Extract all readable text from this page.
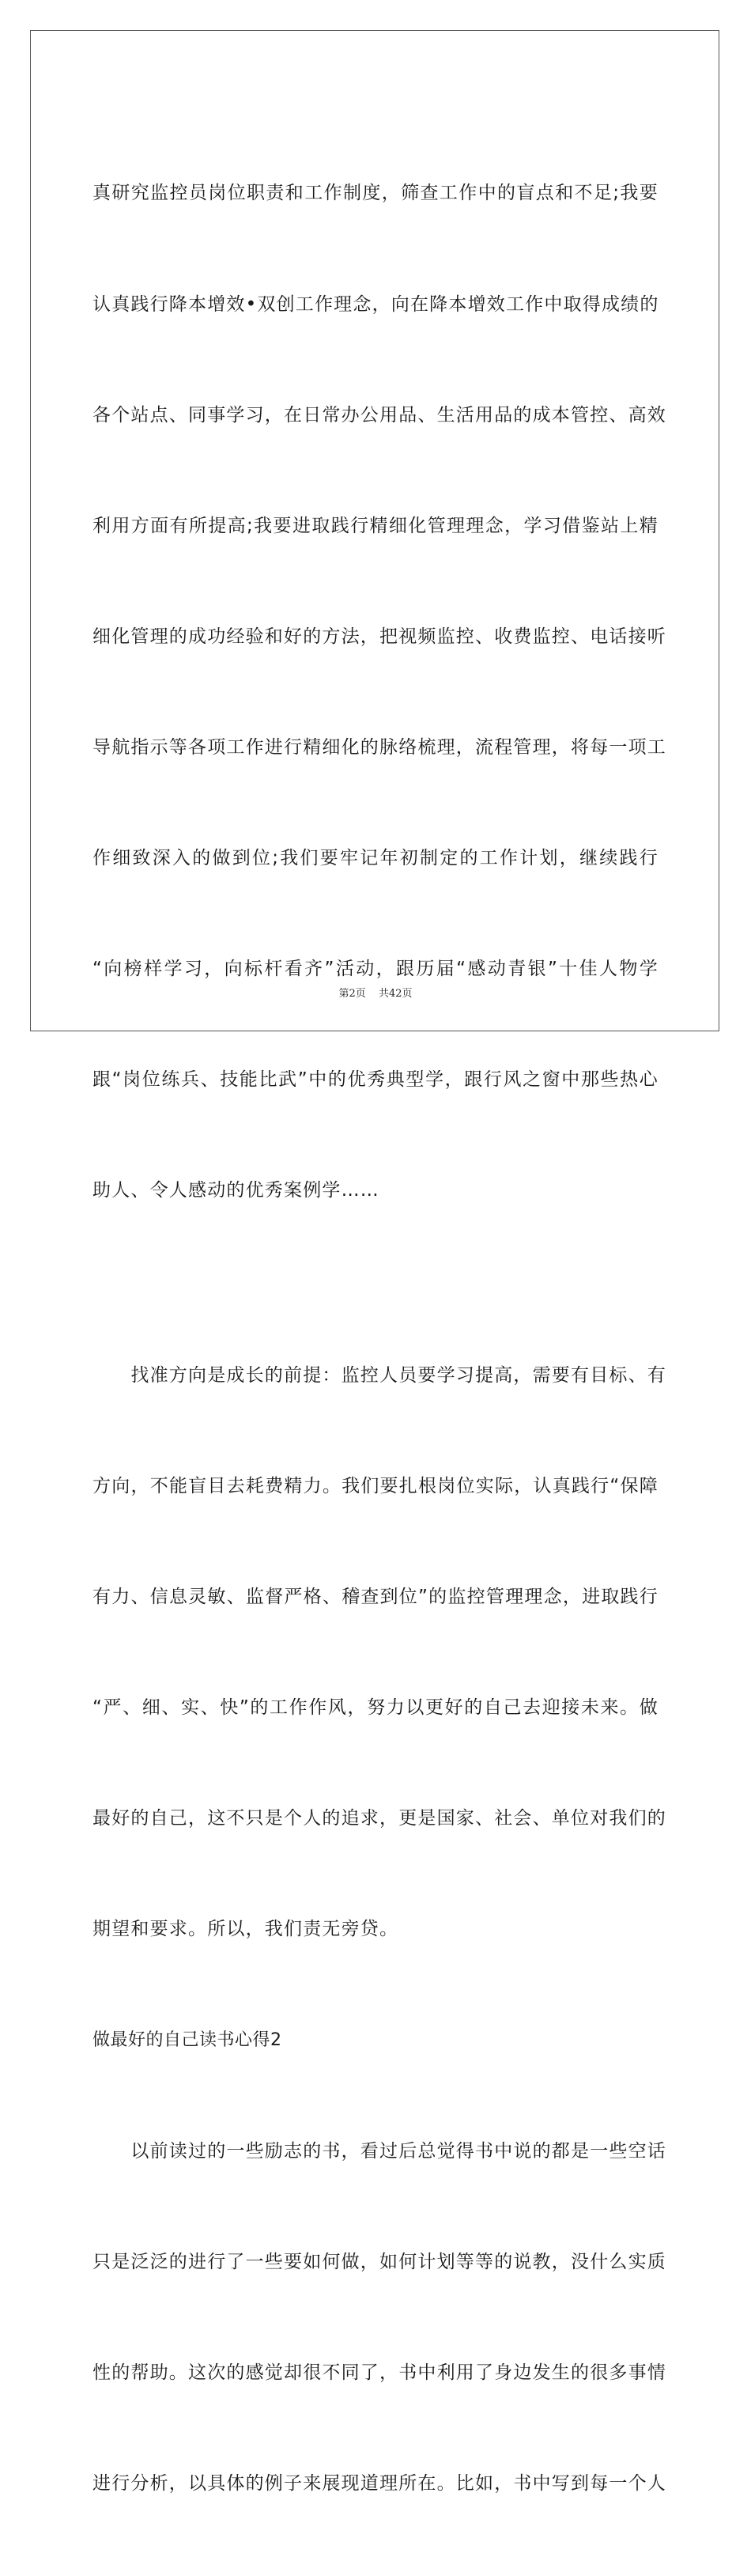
真研究监控员岗位职责和工作制度，筛查工作中的盲点和不足;我要

认真践行降本增效•双创工作理念，向在降本增效工作中取得成绩的

各个站点、同事学习，在日常办公用品、生活用品的成本管控、高效

利用方面有所提高;我要进取践行精细化管理理念，学习借鉴站上精

细化管理的成功经验和好的方法，把视频监控、收费监控、电话接听

导航指示等各项工作进行精细化的脉络梳理，流程管理，将每一项工

作细致深入的做到位;我们要牢记年初制定的工作计划，继续践行

“向榜样学习，向标杆看齐”活动，跟历届“感动青银”十佳人物学

跟“岗位练兵、技能比武”中的优秀典型学，跟行风之窗中那些热心

助人、令人感动的优秀案例学……

　　找准方向是成长的前提：监控人员要学习提高，需要有目标、有

方向，不能盲目去耗费精力。我们要扎根岗位实际，认真践行“保障

有力、信息灵敏、监督严格、稽查到位”的监控管理理念，进取践行

“严、细、实、快”的工作作风，努力以更好的自己去迎接未来。做

最好的自己，这不只是个人的追求，更是国家、社会、单位对我们的

期望和要求。所以，我们责无旁贷。

做最好的自己读书心得2

　　以前读过的一些励志的书，看过后总觉得书中说的都是一些空话

只是泛泛的进行了一些要如何做，如何计划等等的说教，没什么实质

性的帮助。这次的感觉却很不同了，书中利用了身边发生的很多事情

进行分析，以具体的例子来展现道理所在。比如，书中写到每一个人

第2页 共42页
